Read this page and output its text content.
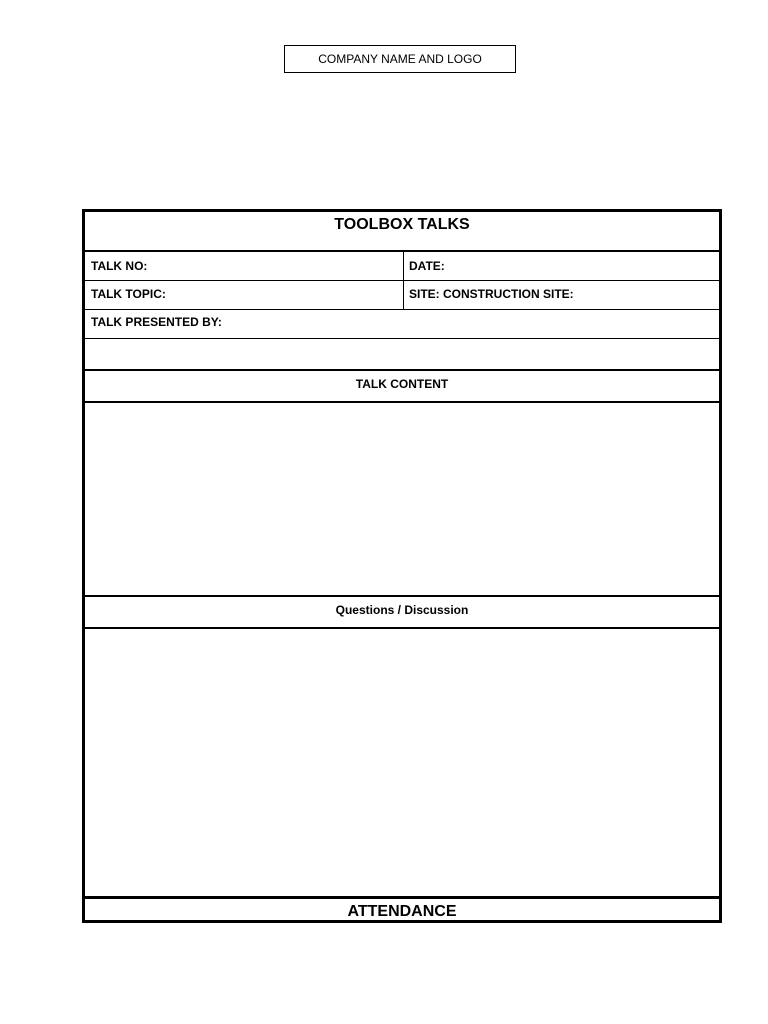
COMPANY NAME AND LOGO
TOOLBOX TALKS
TALK NO:	DATE:
TALK TOPIC:	SITE: CONSTRUCTION SITE:
TALK PRESENTED BY:
TALK CONTENT
Questions / Discussion
ATTENDANCE
